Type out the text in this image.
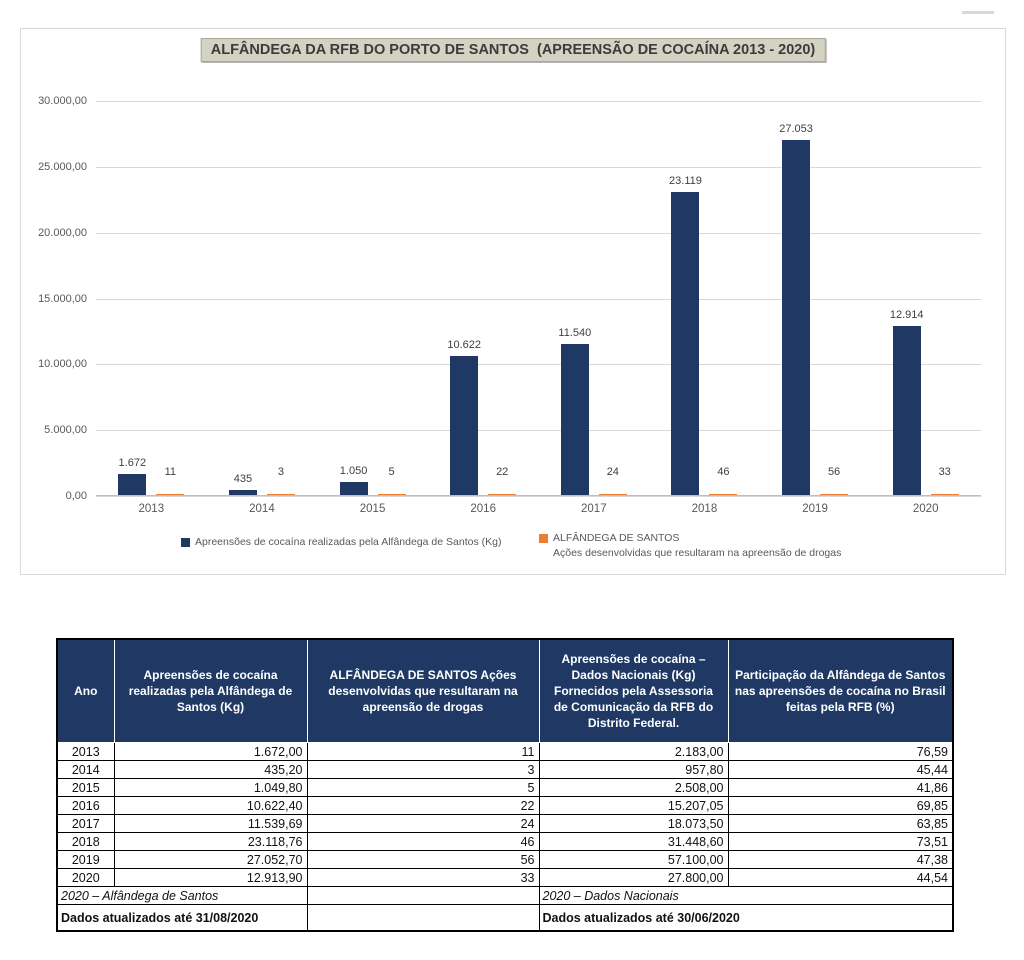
ALFÂNDEGA DA RFB DO PORTO DE SANTOS  (APREENSÃO DE COCAÍNA 2013 - 2020)
0,00
5.000,00
10.000,00
15.000,00
20.000,00
25.000,00
30.000,00
1.672
11
2013
435
3
2014
1.050 5
2015
10.622
22
2016
11.540
24
2017
23.119
46
2018
27.053
56
2019
12.914
33
2020
Apreensões de cocaína realizadas pela Alfândega de Santos (Kg)	ALFÂNDEGA DE SANTOS
Ações desenvolvidas que resultaram na apreensão de drogas
Ano	Apreensões de cocaína realizadas pela Alfândega de Santos (Kg)	ALFÂNDEGA DE SANTOS Ações desenvolvidas que resultaram na apreensão de drogas	Apreensões de cocaína – Dados Nacionais (Kg) Fornecidos pela Assessoria de Comunicação da RFB do Distrito Federal.	Participação da Alfândega de Santos nas apreensões de cocaína no Brasil feitas pela RFB (%)
2013	1.672,00	11	2.183,00	76,59
2014	435,20	3	957,80	45,44
2015	1.049,80	5	2.508,00	41,86
2016	10.622,40	22	15.207,05	69,85
2017	11.539,69	24	18.073,50	63,85
2018	23.118,76	46	31.448,60	73,51
2019	27.052,70	56	57.100,00	47,38
2020	12.913,90	33	27.800,00	44,54
2020 – Alfândega de Santos			2020 – Dados Nacionais	
Dados atualizados até 31/08/2020			Dados atualizados até 30/06/2020	
